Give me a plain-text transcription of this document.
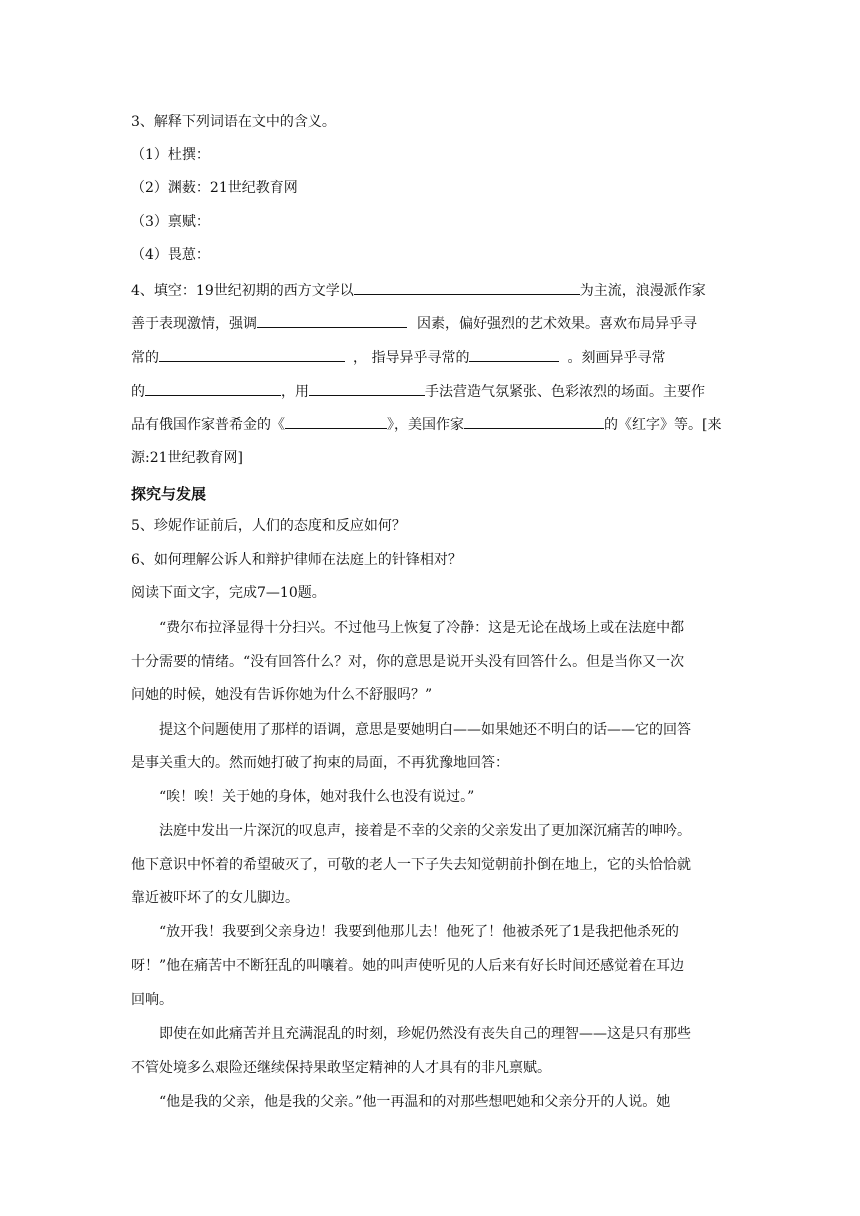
3、解释下列词语在文中的含义。
（1）杜撰：
（2）渊薮：21世纪教育网
（3）禀赋：
（4）畏葸：
4、填空：19世纪初期的西方文学以	为主流，浪漫派作家
善于表现激情，强调	因素，偏好强烈的艺术效果。喜欢布局异乎寻
常的	， 指导异乎寻常的	。刻画异乎寻常
的	，用	手法营造气氛紧张、色彩浓烈的场面。主要作
品有俄国作家普希金的《	》，美国作家	的《红字》等。[来
源:21世纪教育网]
探究与发展
5、珍妮作证前后，人们的态度和反应如何？
6、如何理解公诉人和辩护律师在法庭上的针锋相对？
阅读下面文字，完成7—10题。
“费尔布拉泽显得十分扫兴。不过他马上恢复了冷静：这是无论在战场上或在法庭中都
十分需要的情绪。“没有回答什么？对，你的意思是说开头没有回答什么。但是当你又一次
问她的时候，她没有告诉你她为什么不舒服吗？”
提这个问题使用了那样的语调，意思是要她明白——如果她还不明白的话——它的回答
是事关重大的。然而她打破了拘束的局面，不再犹豫地回答：
“唉！唉！关于她的身体，她对我什么也没有说过。”
法庭中发出一片深沉的叹息声，接着是不幸的父亲的父亲发出了更加深沉痛苦的呻吟。
他下意识中怀着的希望破灭了，可敬的老人一下子失去知觉朝前扑倒在地上，它的头恰恰就
靠近被吓坏了的女儿脚边。
“放开我！我要到父亲身边！我要到他那儿去！他死了！他被杀死了1是我把他杀死的
呀！”他在痛苦中不断狂乱的叫嚷着。她的叫声使听见的人后来有好长时间还感觉着在耳边
回响。
即使在如此痛苦并且充满混乱的时刻，珍妮仍然没有丧失自己的理智——这是只有那些
不管处境多么艰险还继续保持果敢坚定精神的人才具有的非凡禀赋。
“他是我的父亲，他是我的父亲。”他一再温和的对那些想吧她和父亲分开的人说。她
